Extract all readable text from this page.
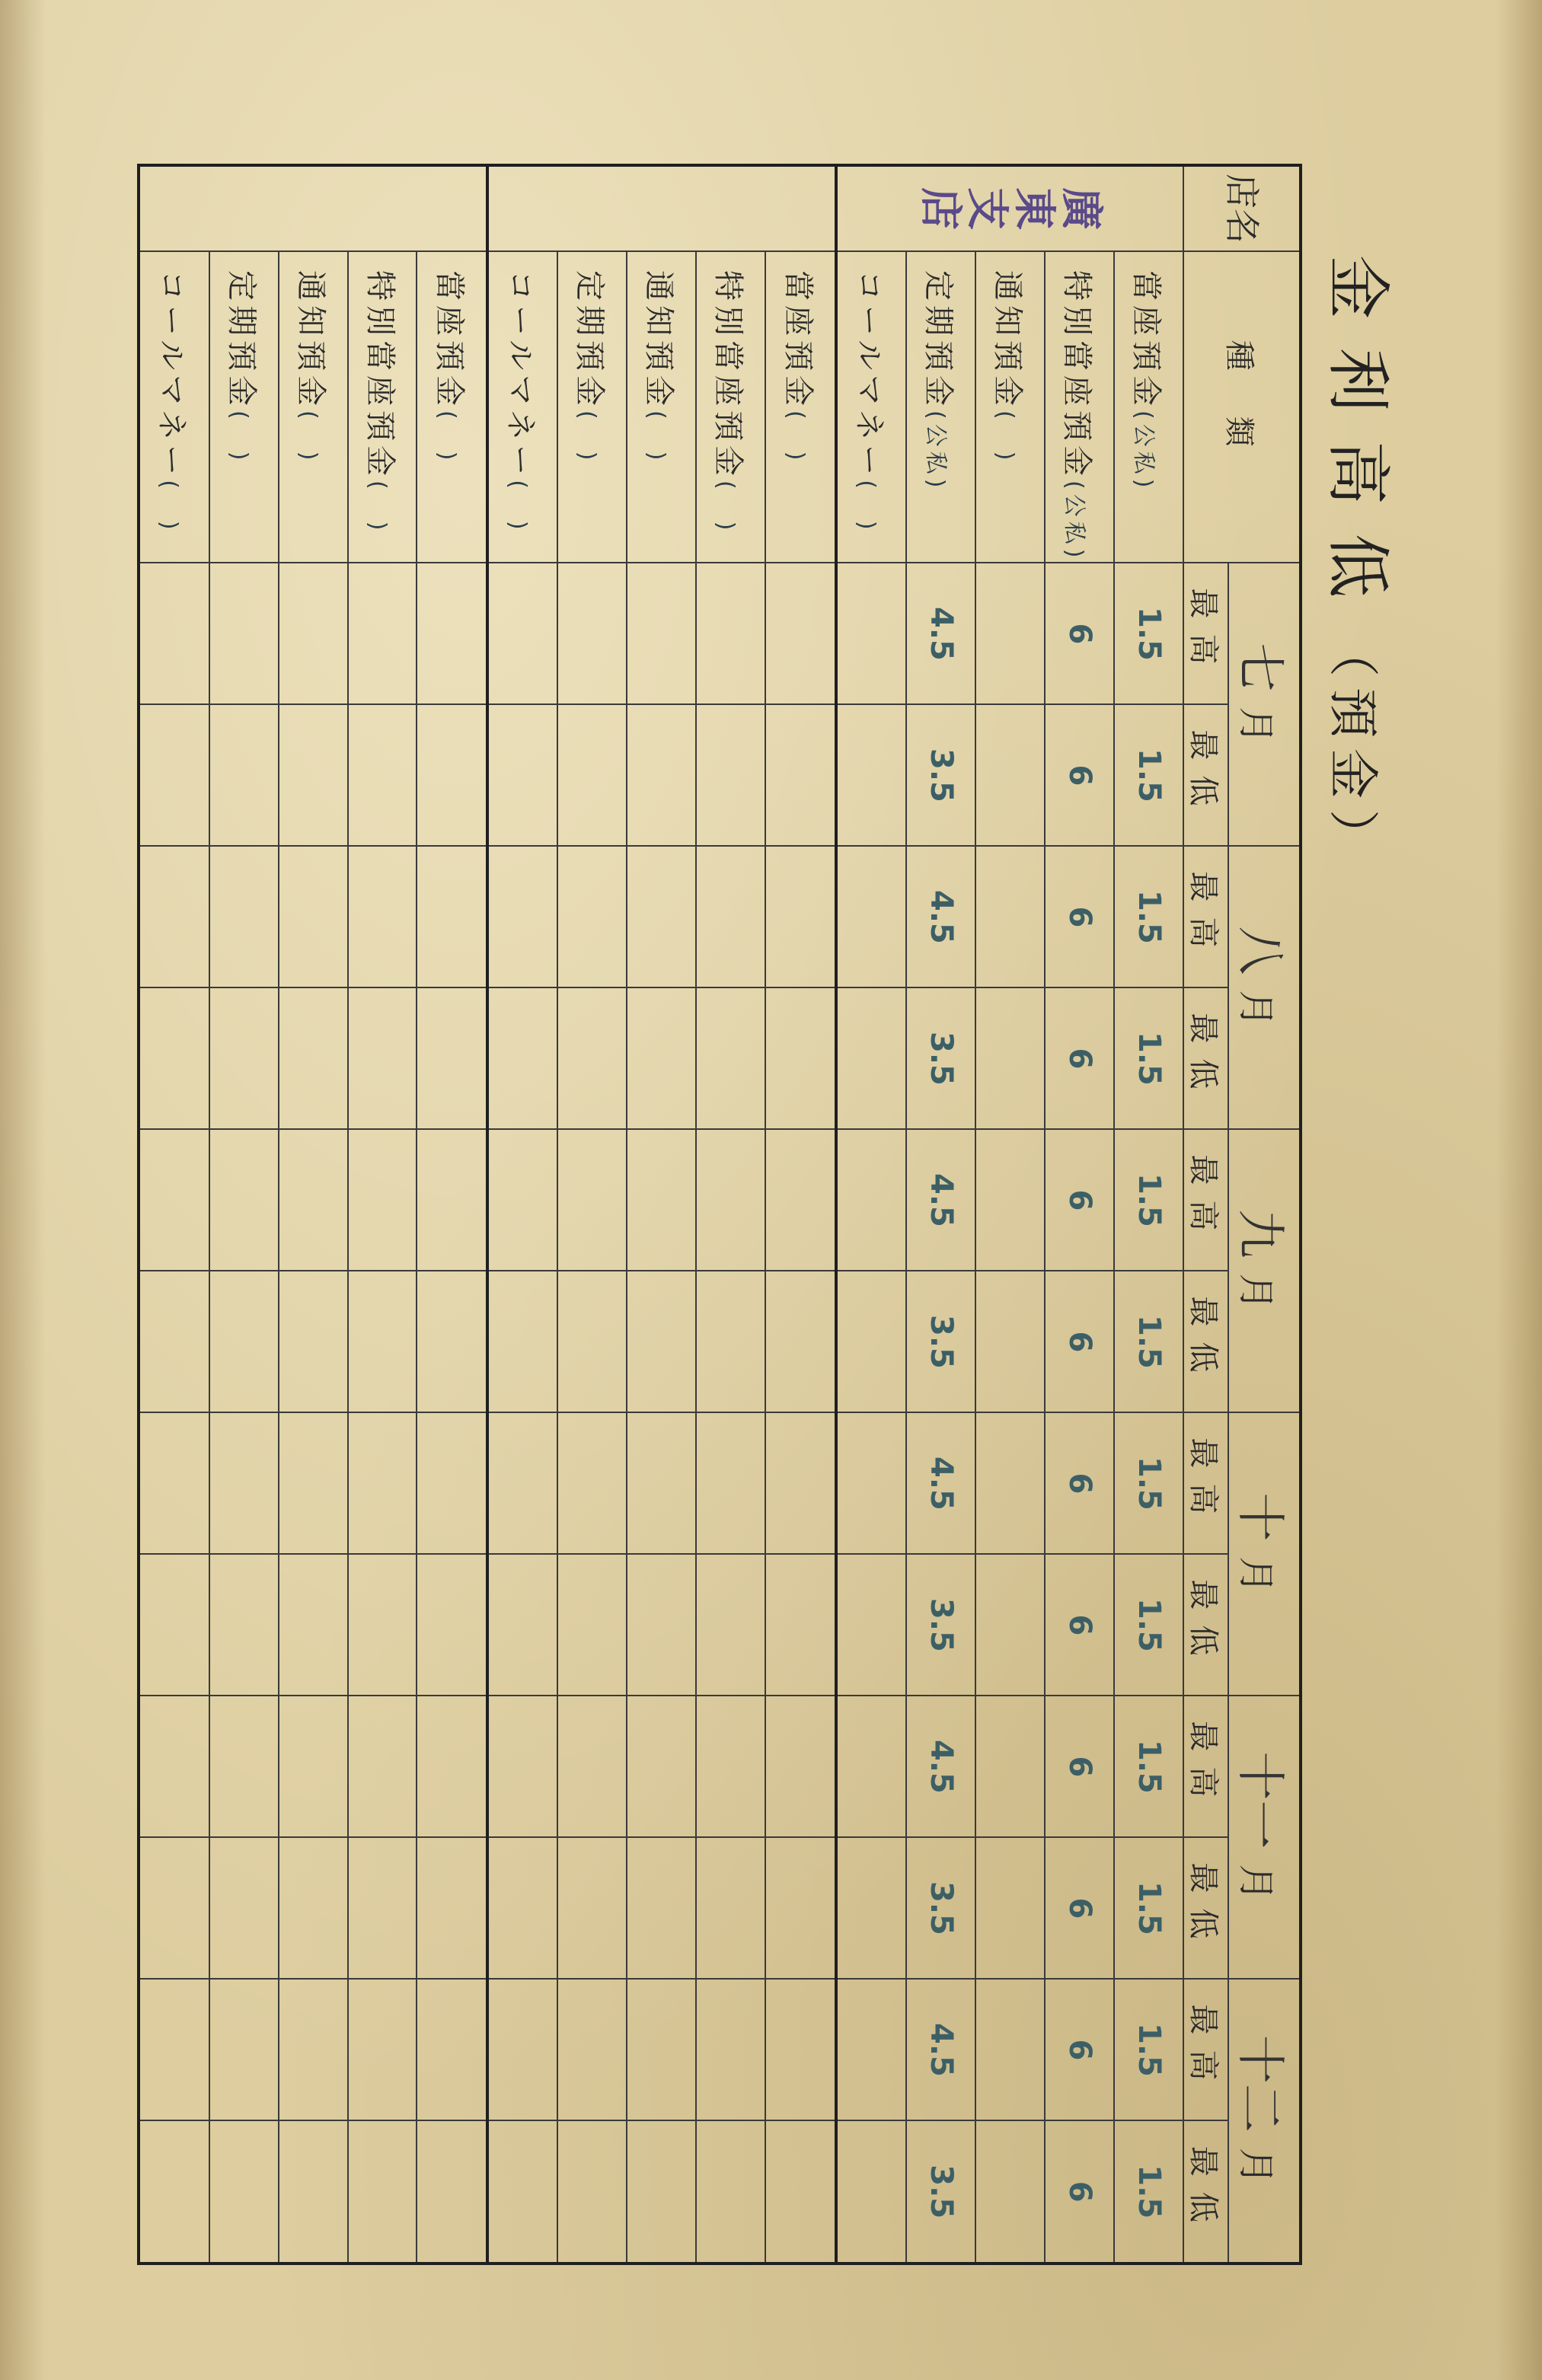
金利高低（預金）
店名	種類	七月		八月		九月		十月		十一月		十二月	
		最高	最低	最高	最低	最高	最低	最高	最低	最高	最低	最高	最低
廣東支店	當座預金(公私)	1.5	1.5	1.5	1.5	1.5	1.5	1.5	1.5	1.5	1.5	1.5	1.5
	特別當座預金(公私)	6	6	6	6	6	6	6	6	6	6	6	6
	通知預金(　)												
	定期預金(公私)	4.5	3.5	4.5	3.5	4.5	3.5	4.5	3.5	4.5	3.5	4.5	3.5
	コールマネー(　)												
	當座預金(　)												
	特別當座預金(　)												
	通知預金(　)												
	定期預金(　)												
	コールマネー(　)												
	當座預金(　)												
	特別當座預金(　)												
	通知預金(　)												
	定期預金(　)												
	コールマネー(　)												
